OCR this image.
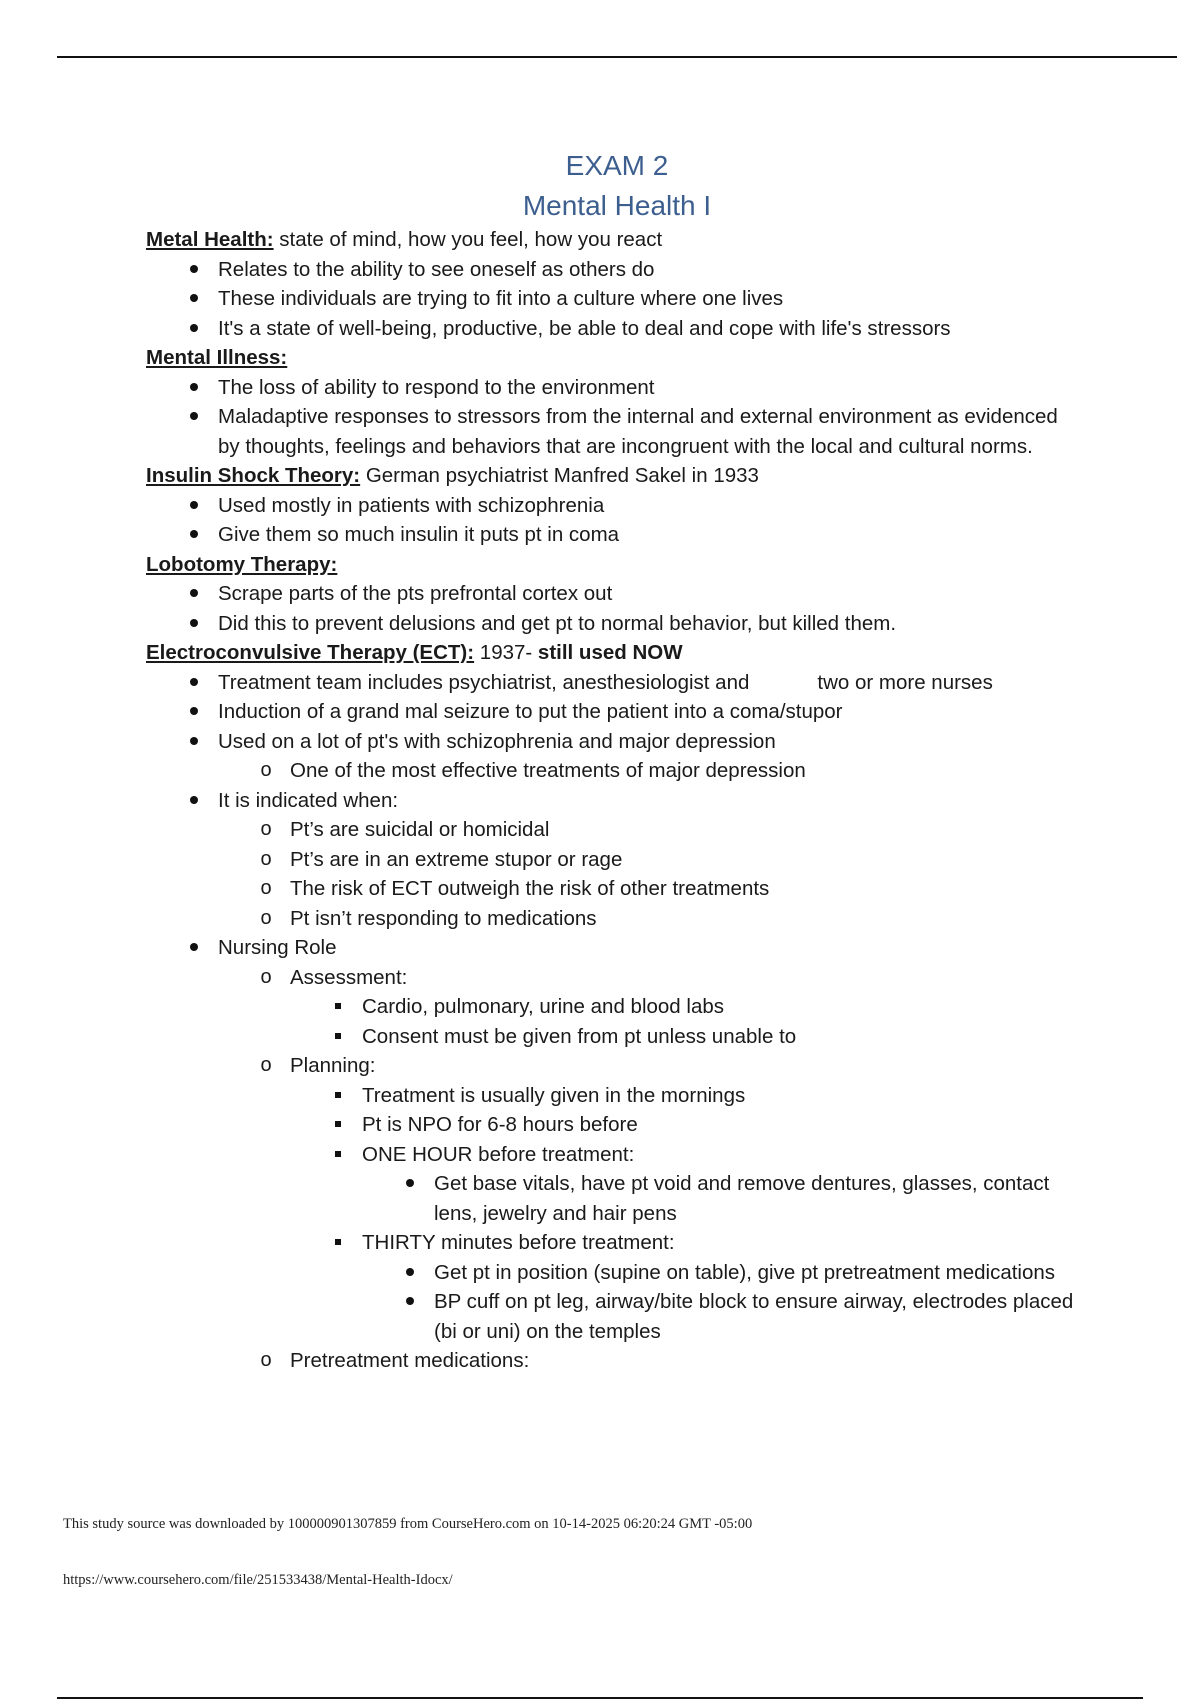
EXAM 2
Mental Health I

Metal Health: state of mind, how you feel, how you react

Relates to the ability to see oneself as others do
These individuals are trying to fit into a culture where one lives
It's a state of well-being, productive, be able to deal and cope with life's stressors

Mental Illness:

The loss of ability to respond to the environment
Maladaptive responses to stressors from the internal and external environment as evidenced by thoughts, feelings and behaviors that are incongruent with the local and cultural norms.

Insulin Shock Theory: German psychiatrist Manfred Sakel in 1933

Used mostly in patients with schizophrenia
Give them so much insulin it puts pt in coma

Lobotomy Therapy:

Scrape parts of the pts prefrontal cortex out
Did this to prevent delusions and get pt to normal behavior, but killed them.

Electroconvulsive Therapy (ECT): 1937- still used NOW

Treatment team includes psychiatrist, anesthesiologist and	two or more nurses
Induction of a grand mal seizure to put the patient into a coma/stupor
Used on a lot of pt's with schizophrenia and major depression
o One of the most effective treatments of major depression
It is indicated when:
o Pt’s are suicidal or homicidal
o Pt’s are in an extreme stupor or rage
o The risk of ECT outweigh the risk of other treatments
o Pt isn’t responding to medications
Nursing Role
o Assessment:
Cardio, pulmonary, urine and blood labs
Consent must be given from pt unless unable to
o Planning:
Treatment is usually given in the mornings
Pt is NPO for 6-8 hours before
ONE HOUR before treatment:
Get base vitals, have pt void and remove dentures, glasses, contact lens, jewelry and hair pens
THIRTY minutes before treatment:
Get pt in position (supine on table), give pt pretreatment medications
BP cuff on pt leg, airway/bite block to ensure airway, electrodes placed (bi or uni) on the temples
o Pretreatment medications:
This study source was downloaded by 100000901307859 from CourseHero.com on 10-14-2025 06:20:24 GMT -05:00
https://www.coursehero.com/file/251533438/Mental-Health-Idocx/
